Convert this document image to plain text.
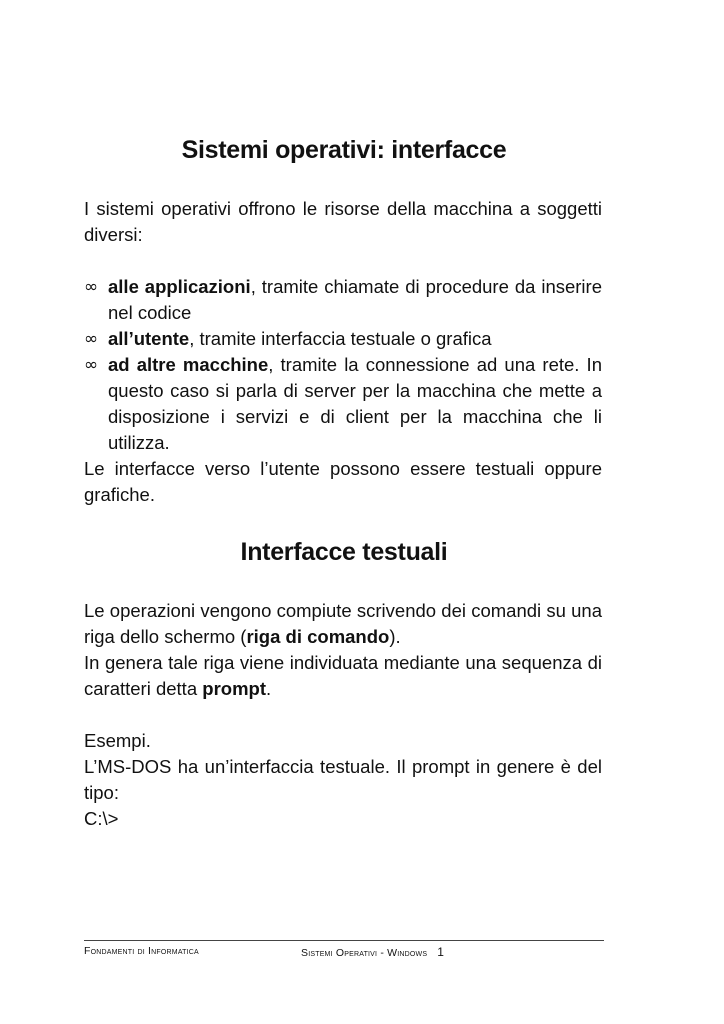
Sistemi operativi: interfacce

I sistemi operativi offrono le risorse della macchina a soggetti diversi:

∞ alle applicazioni, tramite chiamate di procedure da inserire nel codice
∞ all’utente, tramite interfaccia testuale o grafica
∞ ad altre macchine, tramite la connessione ad una rete. In questo caso si parla di server per la macchina che mette a disposizione i servizi e di client per la macchina che li utilizza.

Le interfacce verso l’utente possono essere testuali oppure grafiche.

Interfacce testuali

Le operazioni vengono compiute scrivendo dei comandi su una riga dello schermo (riga di comando).

In genera tale riga viene individuata mediante una sequenza di caratteri detta prompt.

Esempi.

L’MS-DOS ha un’interfaccia testuale. Il prompt in genere è del tipo:

C:\>

Fondamenti di Informatica	Sistemi Operativi - Windows 1
